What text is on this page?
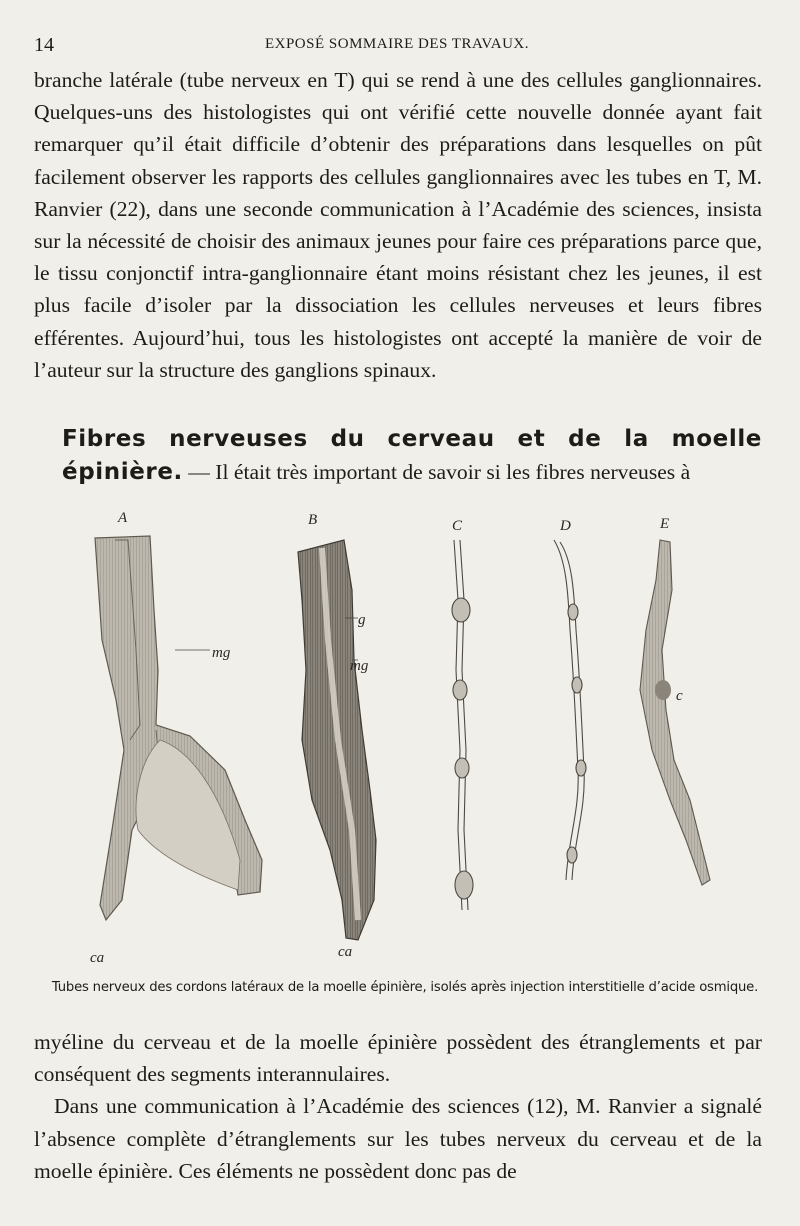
14	EXPOSÉ SOMMAIRE DES TRAVAUX.

branche latérale (tube nerveux en T) qui se rend à une des cellules ganglionnaires. Quelques-uns des histologistes qui ont vérifié cette nouvelle donnée ayant fait remarquer qu’il était difficile d’obtenir des préparations dans lesquelles on pût facilement observer les rapports des cellules ganglionnaires avec les tubes en T, M. Ranvier (22), dans une seconde communication à l’Académie des sciences, insista sur la nécessité de choisir des animaux jeunes pour faire ces préparations parce que, le tissu conjonctif intra-ganglionnaire étant moins résistant chez les jeunes, il est plus facile d’isoler par la dissociation les cellules nerveuses et leurs fibres efférentes. Aujourd’hui, tous les histologistes ont accepté la manière de voir de l’auteur sur la structure des ganglions spinaux.

Fibres nerveuses du cerveau et de la moelle épinière. — Il était très important de savoir si les fibres nerveuses à
A
mg
ca
B
g
mg
ca
C	D	E
c
Tubes nerveux des cordons latéraux de la moelle épinière, isolés après injection interstitielle d’acide osmique.

myéline du cerveau et de la moelle épinière possèdent des étranglements et par conséquent des segments interannulaires.

Dans une communication à l’Académie des sciences (12), M. Ranvier a signalé l’absence complète d’étranglements sur les tubes nerveux du cerveau et de la moelle épinière. Ces éléments ne possèdent donc pas de
